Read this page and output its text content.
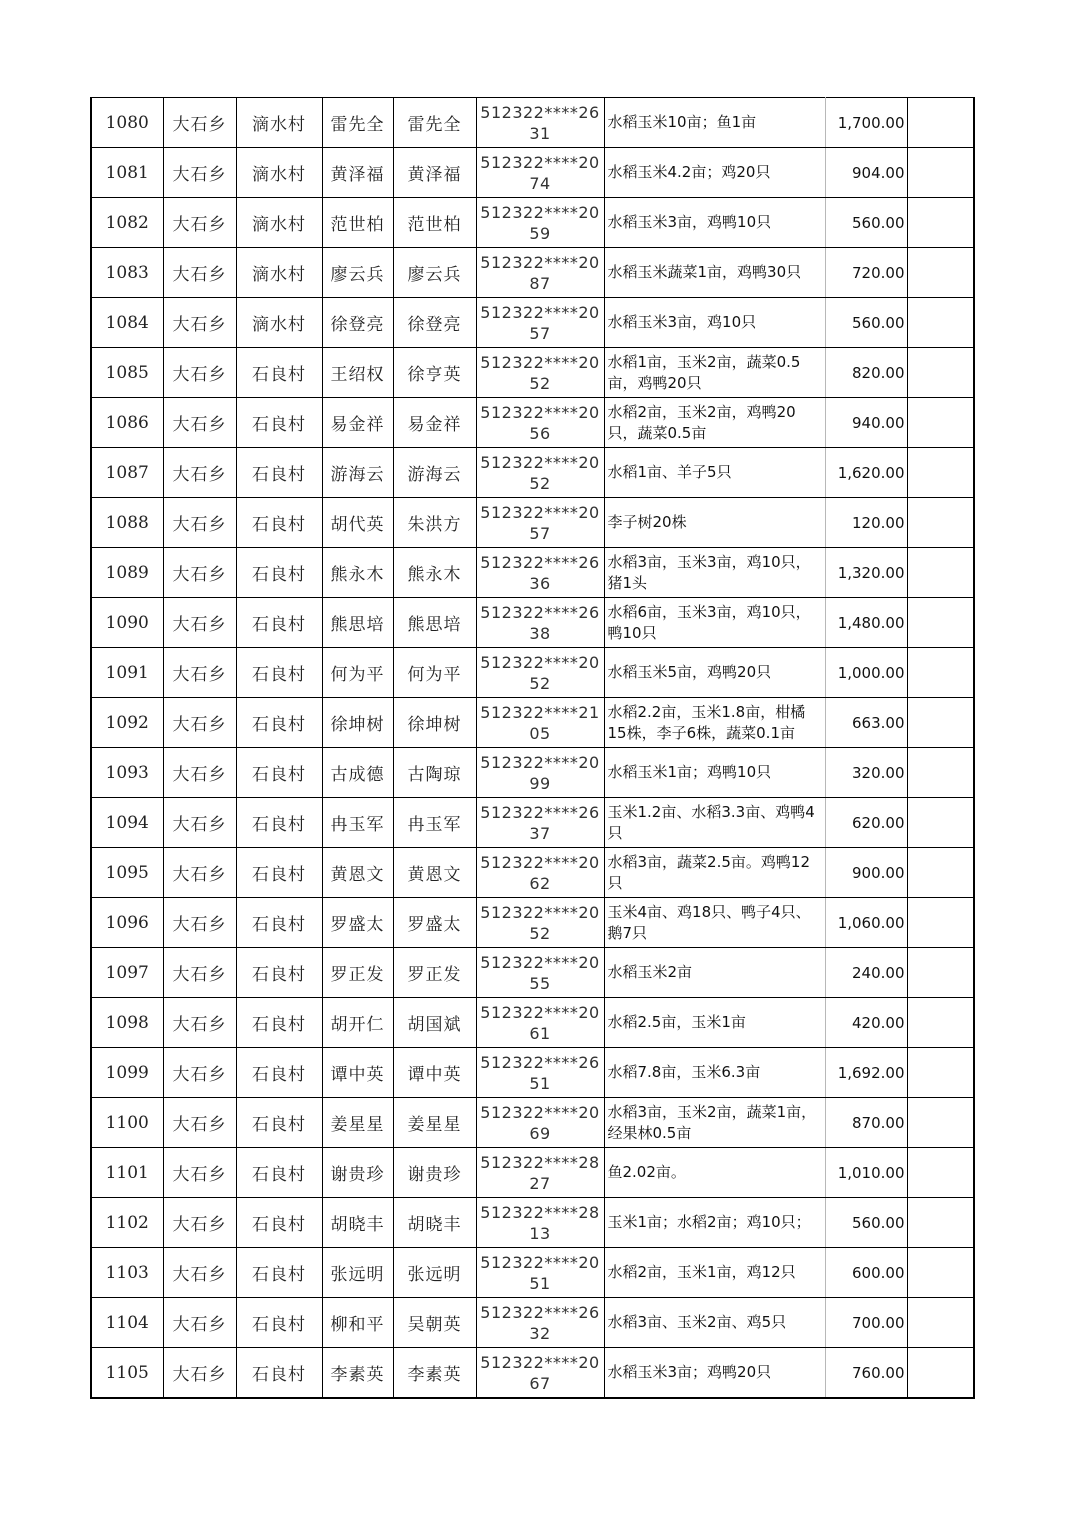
1080	大石乡	滴水村	雷先全	雷先全	512322****26
31	水稻玉米10亩；鱼1亩	1,700.00	
1081	大石乡	滴水村	黄泽福	黄泽福	512322****20
74	水稻玉米4.2亩；鸡20只	904.00	
1082	大石乡	滴水村	范世柏	范世柏	512322****20
59	水稻玉米3亩，鸡鸭10只	560.00	
1083	大石乡	滴水村	廖云兵	廖云兵	512322****20
87	水稻玉米蔬菜1亩，鸡鸭30只	720.00	
1084	大石乡	滴水村	徐登亮	徐登亮	512322****20
57	水稻玉米3亩，鸡10只	560.00	
1085	大石乡	石良村	王绍权	徐亨英	512322****20
52	水稻1亩，玉米2亩，蔬菜0.5亩，鸡鸭20只	820.00	
1086	大石乡	石良村	易金祥	易金祥	512322****20
56	水稻2亩，玉米2亩，鸡鸭20只，蔬菜0.5亩	940.00	
1087	大石乡	石良村	游海云	游海云	512322****20
52	水稻1亩、羊子5只	1,620.00	
1088	大石乡	石良村	胡代英	朱洪方	512322****20
57	李子树20株	120.00	
1089	大石乡	石良村	熊永木	熊永木	512322****26
36	水稻3亩，玉米3亩，鸡10只，猪1头	1,320.00	
1090	大石乡	石良村	熊思培	熊思培	512322****26
38	水稻6亩，玉米3亩，鸡10只，鸭10只	1,480.00	
1091	大石乡	石良村	何为平	何为平	512322****20
52	水稻玉米5亩，鸡鸭20只	1,000.00	
1092	大石乡	石良村	徐坤树	徐坤树	512322****21
05	水稻2.2亩，玉米1.8亩，柑橘15株，李子6株，蔬菜0.1亩	663.00	
1093	大石乡	石良村	古成德	古陶琼	512322****20
99	水稻玉米1亩；鸡鸭10只	320.00	
1094	大石乡	石良村	冉玉军	冉玉军	512322****26
37	玉米1.2亩、水稻3.3亩、鸡鸭4只	620.00	
1095	大石乡	石良村	黄恩文	黄恩文	512322****20
62	水稻3亩，蔬菜2.5亩。鸡鸭12只	900.00	
1096	大石乡	石良村	罗盛太	罗盛太	512322****20
52	玉米4亩、鸡18只、鸭子4只、鹅7只	1,060.00	
1097	大石乡	石良村	罗正发	罗正发	512322****20
55	水稻玉米2亩	240.00	
1098	大石乡	石良村	胡开仁	胡国斌	512322****20
61	水稻2.5亩，玉米1亩	420.00	
1099	大石乡	石良村	谭中英	谭中英	512322****26
51	水稻7.8亩，玉米6.3亩	1,692.00	
1100	大石乡	石良村	姜星星	姜星星	512322****20
69	水稻3亩，玉米2亩，蔬菜1亩，经果林0.5亩	870.00	
1101	大石乡	石良村	谢贵珍	谢贵珍	512322****28
27	鱼2.02亩。	1,010.00	
1102	大石乡	石良村	胡晓丰	胡晓丰	512322****28
13	玉米1亩；水稻2亩；鸡10只；	560.00	
1103	大石乡	石良村	张远明	张远明	512322****20
51	水稻2亩，玉米1亩，鸡12只	600.00	
1104	大石乡	石良村	柳和平	吴朝英	512322****26
32	水稻3亩、玉米2亩、鸡5只	700.00	
1105	大石乡	石良村	李素英	李素英	512322****20
67	水稻玉米3亩；鸡鸭20只	760.00	
